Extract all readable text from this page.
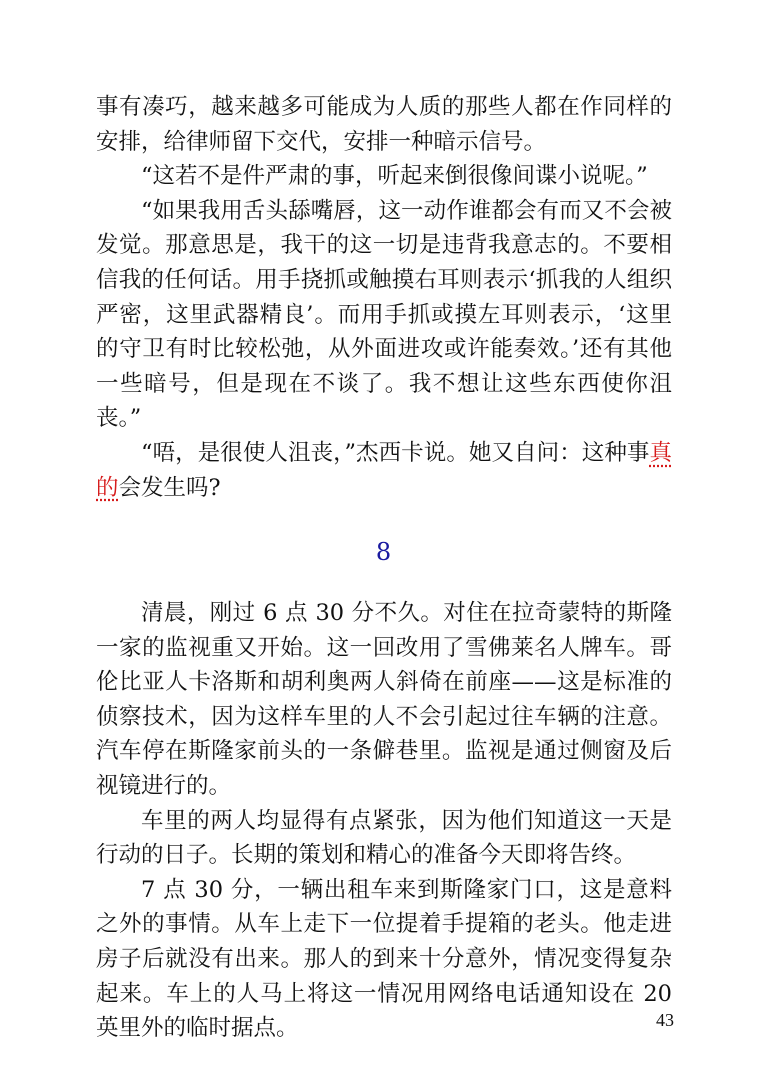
事有凑巧，越来越多可能成为人质的那些人都在作同样的安排，给律师留下交代，安排一种暗示信号。

“这若不是件严肃的事，听起来倒很像间谍小说呢。”

“如果我用舌头舔嘴唇，这一动作谁都会有而又不会被发觉。那意思是，我干的这一切是违背我意志的。不要相信我的任何话。用手挠抓或触摸右耳则表示‘抓我的人组织严密，这里武器精良’。而用手抓或摸左耳则表示，‘这里的守卫有时比较松弛，从外面进攻或许能奏效。’还有其他一些暗号，但是现在不谈了。我不想让这些东西使你沮丧。”

“唔，是很使人沮丧，”杰西卡说。她又自问：这种事真的会发生吗?

8

清晨，刚过 6 点 30 分不久。对住在拉奇蒙特的斯隆一家的监视重又开始。这一回改用了雪佛莱名人牌车。哥伦比亚人卡洛斯和胡利奥两人斜倚在前座——这是标准的侦察技术，因为这样车里的人不会引起过往车辆的注意。汽车停在斯隆家前头的一条僻巷里。监视是通过侧窗及后视镜进行的。

车里的两人均显得有点紧张，因为他们知道这一天是行动的日子。长期的策划和精心的准备今天即将告终。

7 点 30 分，一辆出租车来到斯隆家门口，这是意料之外的事情。从车上走下一位提着手提箱的老头。他走进房子后就没有出来。那人的到来十分意外，情况变得复杂起来。车上的人马上将这一情况用网络电话通知设在 20 英里外的临时据点。	43
